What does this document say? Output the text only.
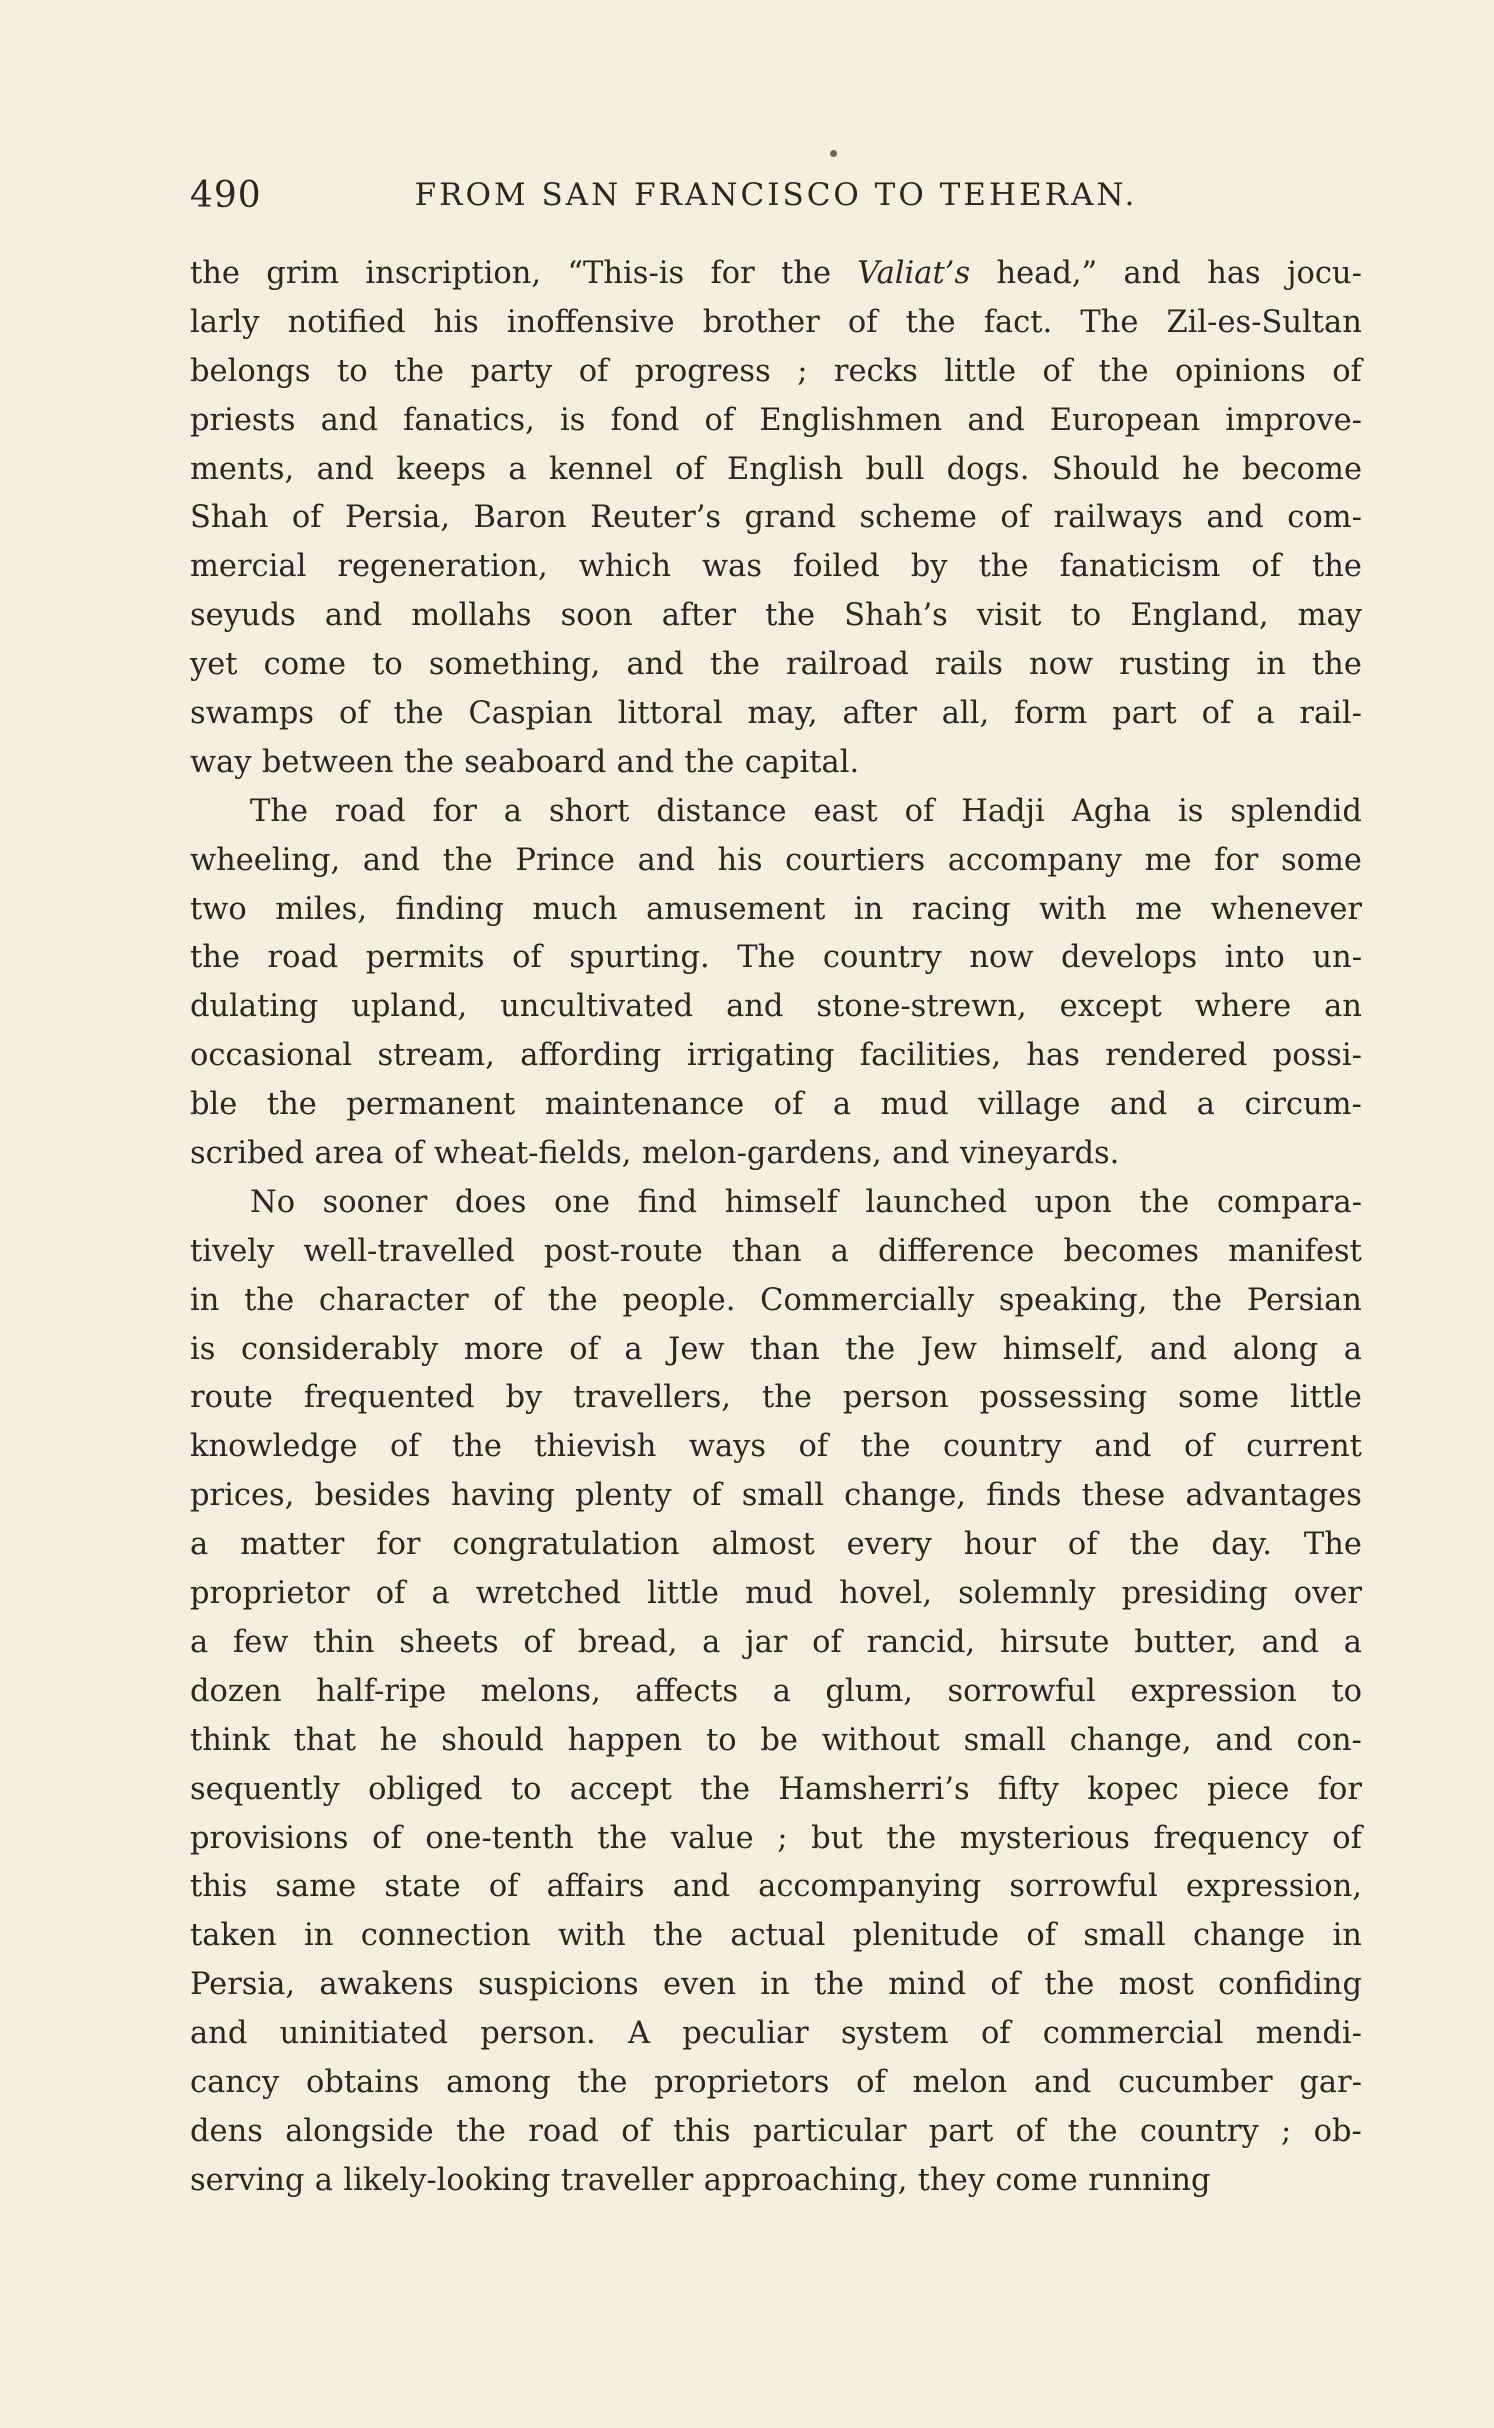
490	FROM SAN FRANCISCO TO TEHERAN.
the grim inscription, “This-is for the Valiat’s head,” and has jocu-
larly notified his inoffensive brother of the fact. The Zil-es-Sultan
belongs to the party of progress ; recks little of the opinions of
priests and fanatics, is fond of Englishmen and European improve-
ments, and keeps a kennel of English bull dogs. Should he become
Shah of Persia, Baron Reuter’s grand scheme of railways and com-
mercial regeneration, which was foiled by the fanaticism of the
seyuds and mollahs soon after the Shah’s visit to England, may
yet come to something, and the railroad rails now rusting in the
swamps of the Caspian littoral may, after all, form part of a rail-
way between the seaboard and the capital.
The road for a short distance east of Hadji Agha is splendid
wheeling, and the Prince and his courtiers accompany me for some
two miles, finding much amusement in racing with me whenever
the road permits of spurting. The country now develops into un-
dulating upland, uncultivated and stone-strewn, except where an
occasional stream, affording irrigating facilities, has rendered possi-
ble the permanent maintenance of a mud village and a circum-
scribed area of wheat-fields, melon-gardens, and vineyards.
No sooner does one find himself launched upon the compara-
tively well-travelled post-route than a difference becomes manifest
in the character of the people. Commercially speaking, the Persian
is considerably more of a Jew than the Jew himself, and along a
route frequented by travellers, the person possessing some little
knowledge of the thievish ways of the country and of current
prices, besides having plenty of small change, finds these advantages
a matter for congratulation almost every hour of the day. The
proprietor of a wretched little mud hovel, solemnly presiding over
a few thin sheets of bread, a jar of rancid, hirsute butter, and a
dozen half-ripe melons, affects a glum, sorrowful expression to
think that he should happen to be without small change, and con-
sequently obliged to accept the Hamsherri’s fifty kopec piece for
provisions of one-tenth the value ; but the mysterious frequency of
this same state of affairs and accompanying sorrowful expression,
taken in connection with the actual plenitude of small change in
Persia, awakens suspicions even in the mind of the most confiding
and uninitiated person. A peculiar system of commercial mendi-
cancy obtains among the proprietors of melon and cucumber gar-
dens alongside the road of this particular part of the country ; ob-
serving a likely-looking traveller approaching, they come running
